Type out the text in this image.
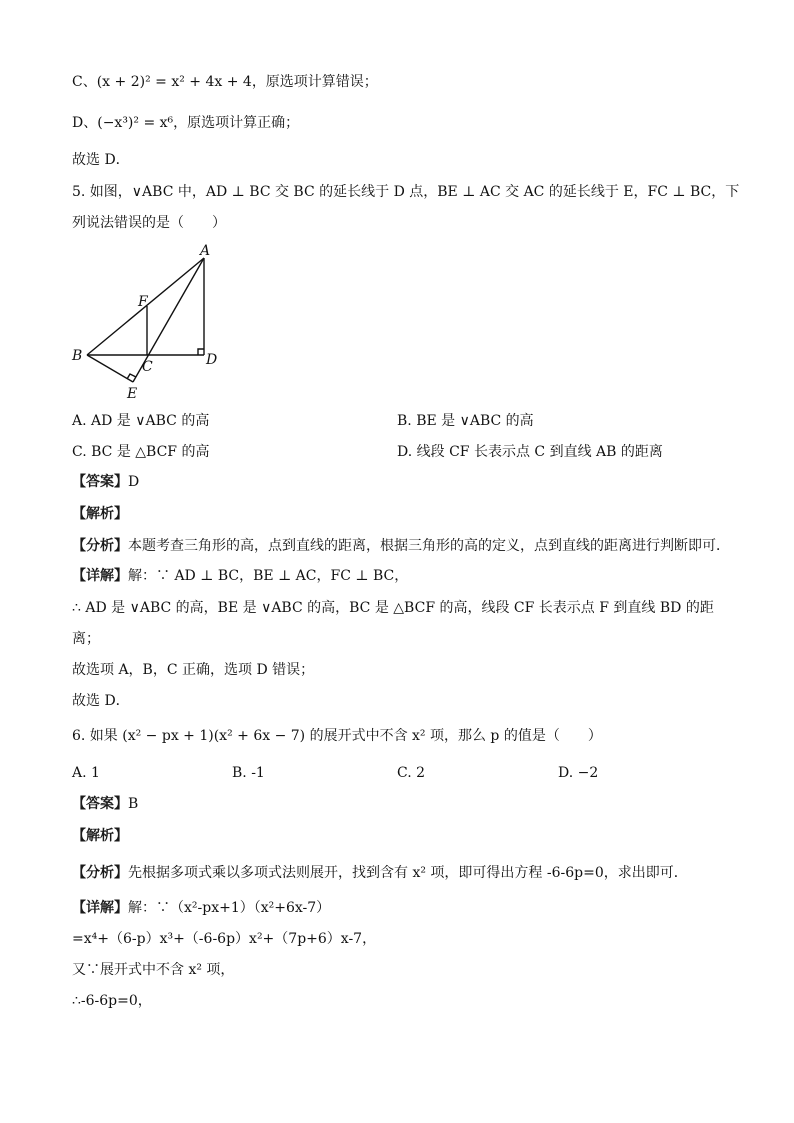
C、(x + 2)² = x² + 4x + 4，原选项计算错误；
D、(−x³)² = x⁶，原选项计算正确；
故选 D．
5. 如图，∨ABC 中，AD ⊥ BC 交 BC 的延长线于 D 点，BE ⊥ AC 交 AC 的延长线于 E，FC ⊥ BC，下
列说法错误的是（　　）
A
B
C	D
E
F
A. AD 是 ∨ABC 的高	B. BE 是 ∨ABC 的高
C. BC 是 △BCF 的高	D. 线段 CF 长表示点 C 到直线 AB 的距离
【答案】D
【解析】
【分析】本题考查三角形的高，点到直线的距离，根据三角形的高的定义，点到直线的距离进行判断即可．
【详解】解：∵ AD ⊥ BC，BE ⊥ AC，FC ⊥ BC，
∴ AD 是 ∨ABC 的高，BE 是 ∨ABC 的高，BC 是 △BCF 的高，线段 CF 长表示点 F 到直线 BD 的距
离；
故选项 A，B，C 正确，选项 D 错误；
故选 D．
6. 如果 (x² − px + 1)(x² + 6x − 7) 的展开式中不含 x² 项，那么 p 的值是（　　）
A. 1	B. -1	C. 2	D. −2
【答案】B
【解析】
【分析】先根据多项式乘以多项式法则展开，找到含有 x² 项，即可得出方程 -6-6p=0，求出即可．
【详解】解：∵（x²-px+1）（x²+6x-7）
=x⁴+（6-p）x³+（-6-6p）x²+（7p+6）x-7，
又∵展开式中不含 x² 项，
∴-6-6p=0，
